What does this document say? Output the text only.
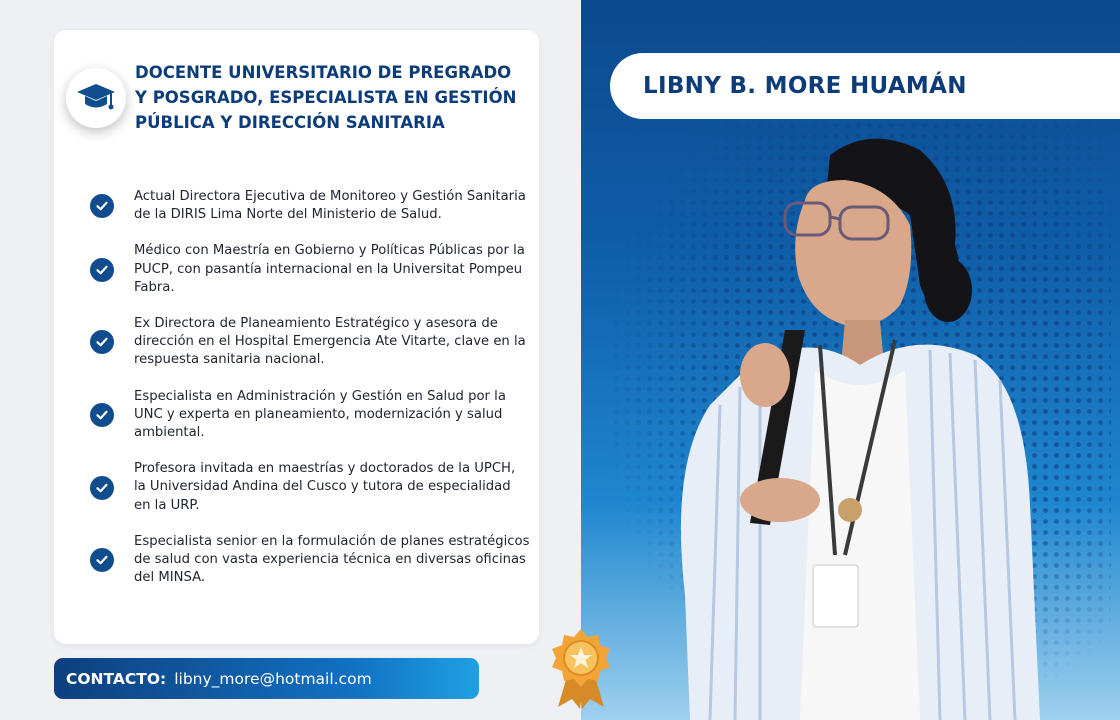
DOCENTE UNIVERSITARIO DE PREGRADO Y POSGRADO, ESPECIALISTA EN GESTIÓN PÚBLICA Y DIRECCIÓN SANITARIA
Actual Directora Ejecutiva de Monitoreo y Gestión Sanitaria de la DIRIS Lima Norte del Ministerio de Salud.
Médico con Maestría en Gobierno y Políticas Públicas por la PUCP, con pasantía internacional en la Universitat Pompeu Fabra.
Ex Directora de Planeamiento Estratégico y asesora de dirección en el Hospital Emergencia Ate Vitarte, clave en la respuesta sanitaria nacional.
Especialista en Administración y Gestión en Salud por la UNC y experta en planeamiento, modernización y salud ambiental.
Profesora invitada en maestrías y doctorados de la UPCH, la Universidad Andina del Cusco y tutora de especialidad en la URP.
Especialista senior en la formulación de planes estratégicos de salud con vasta experiencia técnica en diversas oficinas del MINSA.
CONTACTO: libny_more@hotmail.com
LIBNY B. MORE HUAMÁN
